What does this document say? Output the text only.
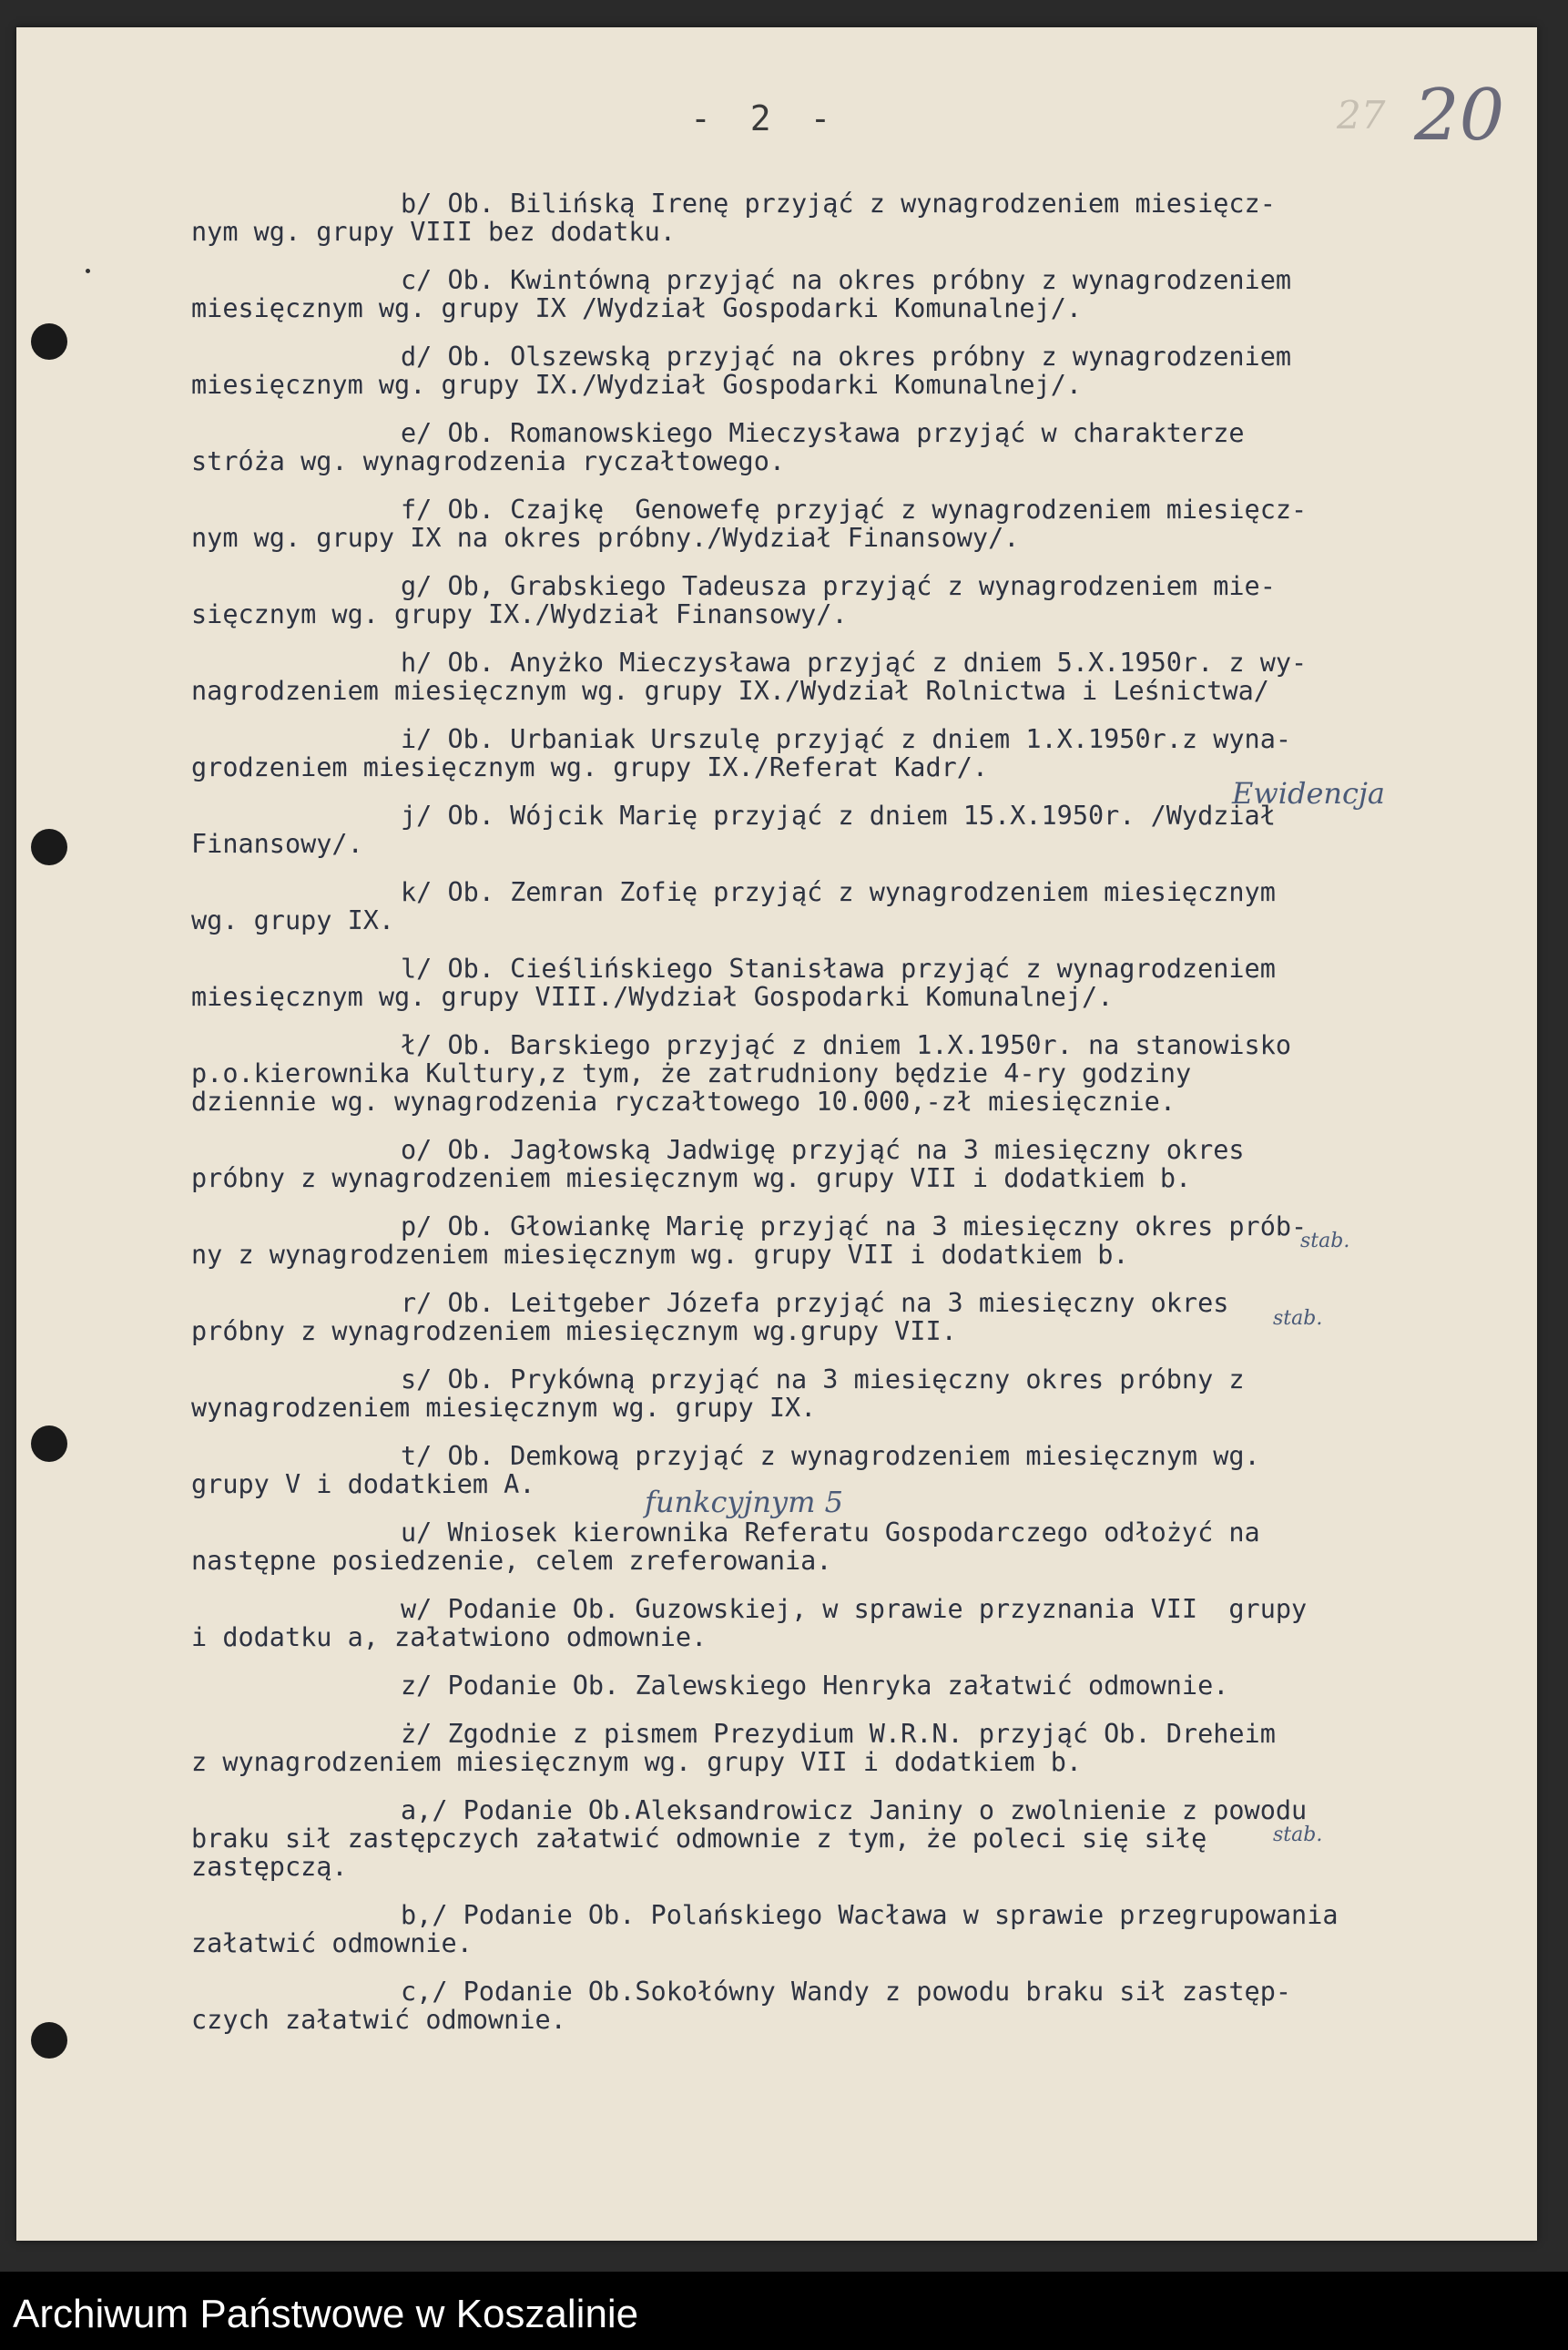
27 20
- 2 -
b/ Ob. Bilińską Irenę przyjąć z wynagrodzeniem miesięcz-
nym wg. grupy VIII bez dodatku.
c/ Ob. Kwintówną przyjąć na okres próbny z wynagrodzeniem
miesięcznym wg. grupy IX /Wydział Gospodarki Komunalnej/.
d/ Ob. Olszewską przyjąć na okres próbny z wynagrodzeniem
miesięcznym wg. grupy IX./Wydział Gospodarki Komunalnej/.
e/ Ob. Romanowskiego Mieczysława przyjąć w charakterze
stróża wg. wynagrodzenia ryczałtowego.
f/ Ob. Czajkę  Genowefę przyjąć z wynagrodzeniem miesięcz-
nym wg. grupy IX na okres próbny./Wydział Finansowy/.
g/ Ob, Grabskiego Tadeusza przyjąć z wynagrodzeniem mie-
sięcznym wg. grupy IX./Wydział Finansowy/.
h/ Ob. Anyżko Mieczysława przyjąć z dniem 5.X.1950r. z wy-
nagrodzeniem miesięcznym wg. grupy IX./Wydział Rolnictwa i Leśnictwa/
i/ Ob. Urbaniak Urszulę przyjąć z dniem 1.X.1950r.z wyna-
grodzeniem miesięcznym wg. grupy IX./Referat Kadr/.
j/ Ob. Wójcik Marię przyjąć z dniem 15.X.1950r. /Wydział
Finansowy/.
k/ Ob. Zemran Zofię przyjąć z wynagrodzeniem miesięcznym
wg. grupy IX.
l/ Ob. Cieślińskiego Stanisława przyjąć z wynagrodzeniem
miesięcznym wg. grupy VIII./Wydział Gospodarki Komunalnej/.
ł/ Ob. Barskiego przyjąć z dniem 1.X.1950r. na stanowisko
p.o.kierownika Kultury,z tym, że zatrudniony będzie 4-ry godziny
dziennie wg. wynagrodzenia ryczałtowego 10.000,-zł miesięcznie.
o/ Ob. Jagłowską Jadwigę przyjąć na 3 miesięczny okres
próbny z wynagrodzeniem miesięcznym wg. grupy VII i dodatkiem b.
p/ Ob. Głowiankę Marię przyjąć na 3 miesięczny okres prób-
ny z wynagrodzeniem miesięcznym wg. grupy VII i dodatkiem b.
r/ Ob. Leitgeber Józefa przyjąć na 3 miesięczny okres
próbny z wynagrodzeniem miesięcznym wg.grupy VII.
s/ Ob. Prykówną przyjąć na 3 miesięczny okres próbny z
wynagrodzeniem miesięcznym wg. grupy IX.
t/ Ob. Demkową przyjąć z wynagrodzeniem miesięcznym wg.
grupy V i dodatkiem A.
u/ Wniosek kierownika Referatu Gospodarczego odłożyć na
następne posiedzenie, celem zreferowania.
w/ Podanie Ob. Guzowskiej, w sprawie przyznania VII  grupy
i dodatku a, załatwiono odmownie.
z/ Podanie Ob. Zalewskiego Henryka załatwić odmownie.
ż/ Zgodnie z pismem Prezydium W.R.N. przyjąć Ob. Dreheim
z wynagrodzeniem miesięcznym wg. grupy VII i dodatkiem b.
a,/ Podanie Ob.Aleksandrowicz Janiny o zwolnienie z powodu
braku sił zastępczych załatwić odmownie z tym, że poleci się siłę
zastępczą.
b,/ Podanie Ob. Polańskiego Wacława w sprawie przegrupowania
załatwić odmownie.
c,/ Podanie Ob.Sokołówny Wandy z powodu braku sił zastęp-
czych załatwić odmownie.
Ewidencja
funkcyjnym 5
stab.
stab.
stab.
Archiwum Państwowe w Koszalinie
